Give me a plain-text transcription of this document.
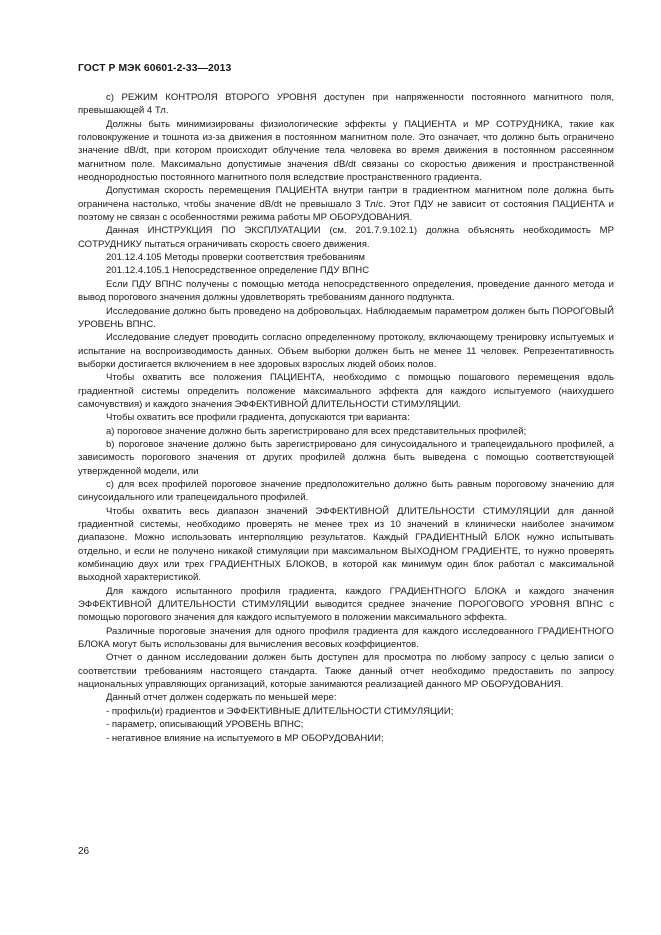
ГОСТ Р МЭК 60601-2-33—2013

с) РЕЖИМ КОНТРОЛЯ ВТОРОГО УРОВНЯ доступен при напряженности постоянного магнитного поля, превышающей 4 Тл.

Должны быть минимизированы физиологические эффекты у ПАЦИЕНТА и МР СОТРУДНИКА, такие как головокружение и тошнота из-за движения в постоянном магнитном поле. Это означает, что должно быть ограничено значение dB/dt, при котором происходит облучение тела человека во время движения в постоянном рассеянном магнитном поле. Максимально допустимые значения dB/dt связаны со скоростью движения и пространственной неоднородностью постоянного магнитного поля вследствие пространственного градиента.

Допустимая скорость перемещения ПАЦИЕНТА внутри гантри в градиентном магнитном поле должна быть ограничена настолько, чтобы значение dB/dt не превышало 3 Тл/с. Этот ПДУ не зависит от состояния ПАЦИЕНТА и поэтому не связан с особенностями режима работы МР ОБОРУДОВАНИЯ.

Данная ИНСТРУКЦИЯ ПО ЭКСПЛУАТАЦИИ (см. 201.7.9.102.1) должна объяснять необходимость МР СОТРУДНИКУ пытаться ограничивать скорость своего движения.

201.12.4.105 Методы проверки соответствия требованиям

201.12.4.105.1 Непосредственное определение ПДУ ВПНС

Если ПДУ ВПНС получены с помощью метода непосредственного определения, проведение данного метода и вывод порогового значения должны удовлетворять требованиям данного подпункта.

Исследование должно быть проведено на добровольцах. Наблюдаемым параметром должен быть ПОРОГОВЫЙ УРОВЕНЬ ВПНС.

Исследование следует проводить согласно определенному протоколу, включающему тренировку испытуемых и испытание на воспроизводимость данных. Объем выборки должен быть не менее 11 человек. Репрезентативность выборки достигается включением в нее здоровых взрослых людей обоих полов.

Чтобы охватить все положения ПАЦИЕНТА, необходимо с помощью пошагового перемещения вдоль градиентной системы определить положение максимального эффекта для каждого испытуемого (наихудшего самочувствия) и каждого значения ЭФФЕКТИВНОЙ ДЛИТЕЛЬНОСТИ СТИМУЛЯЦИИ.

Чтобы охватить все профили градиента, допускаются три варианта:

а) пороговое значение должно быть зарегистрировано для всех представительных профилей;

b) пороговое значение должно быть зарегистрировано для синусоидального и трапецеидального профилей, а зависимость порогового значения от других профилей должна быть выведена с помощью соответствующей утвержденной модели, или

с) для всех профилей пороговое значение предположительно должно быть равным пороговому значению для синусоидального или трапецеидального профилей.

Чтобы охватить весь диапазон значений ЭФФЕКТИВНОЙ ДЛИТЕЛЬНОСТИ СТИМУЛЯЦИИ для данной градиентной системы, необходимо проверять не менее трех из 10 значений в клинически наиболее значимом диапазоне. Можно использовать интерполяцию результатов. Каждый ГРАДИЕНТНЫЙ БЛОК нужно испытывать отдельно, и если не получено никакой стимуляции при максимальном ВЫХОДНОМ ГРАДИЕНТЕ, то нужно проверять комбинацию двух или трех ГРАДИЕНТНЫХ БЛОКОВ, в которой как минимум один блок работал с максимальной выходной характеристикой.

Для каждого испытанного профиля градиента, каждого ГРАДИЕНТНОГО БЛОКА и каждого значения ЭФФЕКТИВНОЙ ДЛИТЕЛЬНОСТИ СТИМУЛЯЦИИ выводится среднее значение ПОРОГОВОГО УРОВНЯ ВПНС с помощью порогового значения для каждого испытуемого в положении максимального эффекта.

Различные пороговые значения для одного профиля градиента для каждого исследованного ГРАДИЕНТНОГО БЛОКА могут быть использованы для вычисления весовых коэффициентов.

Отчет о данном исследовании должен быть доступен для просмотра по любому запросу с целью записи о соответствии требованиям настоящего стандарта. Также данный отчет необходимо предоставить по запросу национальных управляющих организаций, которые занимаются реализацией данного МР ОБОРУДОВАНИЯ.

Данный отчет должен содержать по меньшей мере:

- профиль(и) градиентов и ЭФФЕКТИВНЫЕ ДЛИТЕЛЬНОСТИ СТИМУЛЯЦИИ;

- параметр, описывающий УРОВЕНЬ ВПНС;

- негативное влияние на испытуемого в МР ОБОРУДОВАНИИ;

26
